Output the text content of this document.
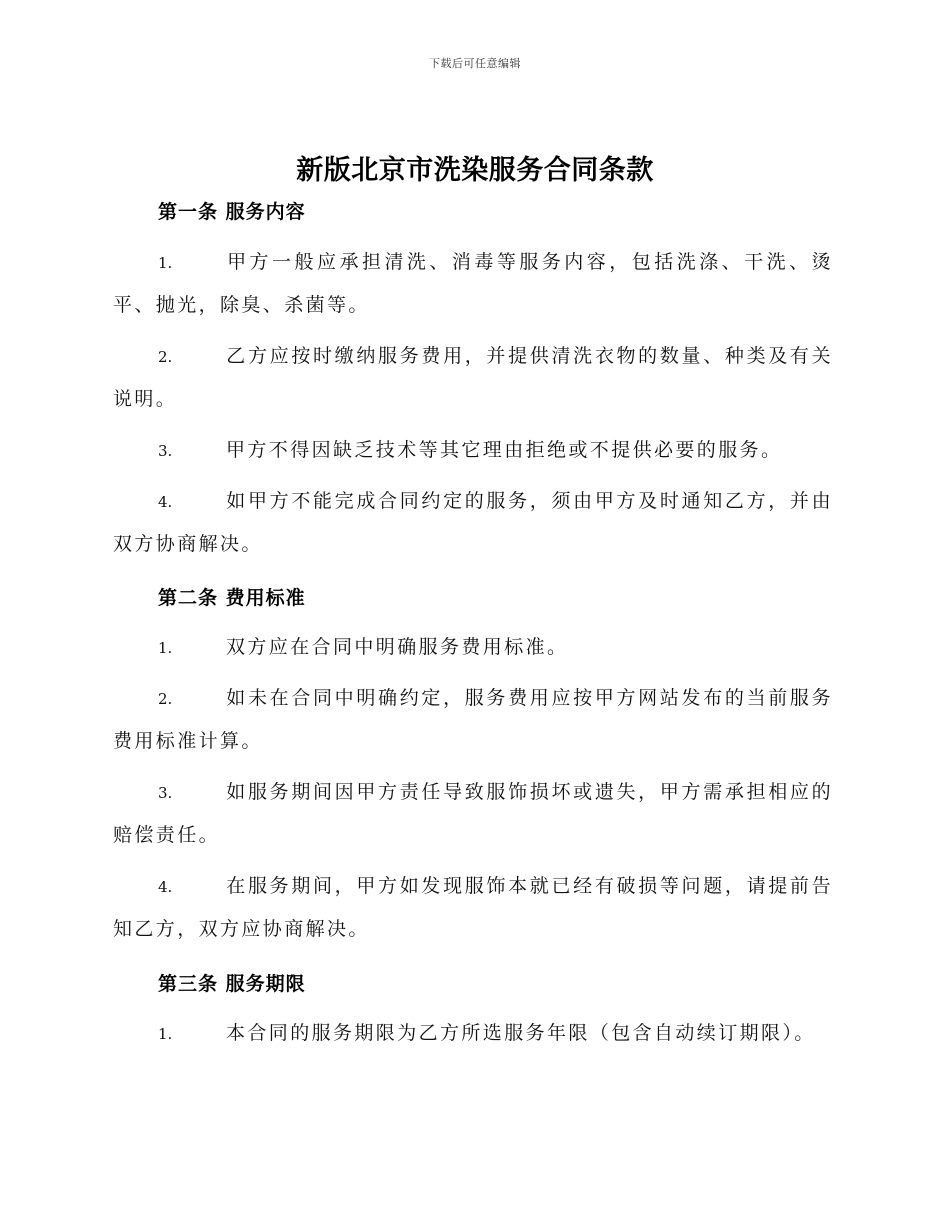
下载后可任意编辑
新版北京市洗染服务合同条款
第一条 服务内容

1.	甲方一般应承担清洗、消毒等服务内容，包括洗涤、干洗、烫平、抛光，除臭、杀菌等。

2.	乙方应按时缴纳服务费用，并提供清洗衣物的数量、种类及有关说明。

3.	甲方不得因缺乏技术等其它理由拒绝或不提供必要的服务。

4.	如甲方不能完成合同约定的服务，须由甲方及时通知乙方，并由双方协商解决。

第二条 费用标准

1.	双方应在合同中明确服务费用标准。

2.	如未在合同中明确约定，服务费用应按甲方网站发布的当前服务费用标准计算。

3.	如服务期间因甲方责任导致服饰损坏或遗失，甲方需承担相应的赔偿责任。

4.	在服务期间，甲方如发现服饰本就已经有破损等问题，请提前告知乙方，双方应协商解决。

第三条 服务期限

1.	本合同的服务期限为乙方所选服务年限（包含自动续订期限）。
